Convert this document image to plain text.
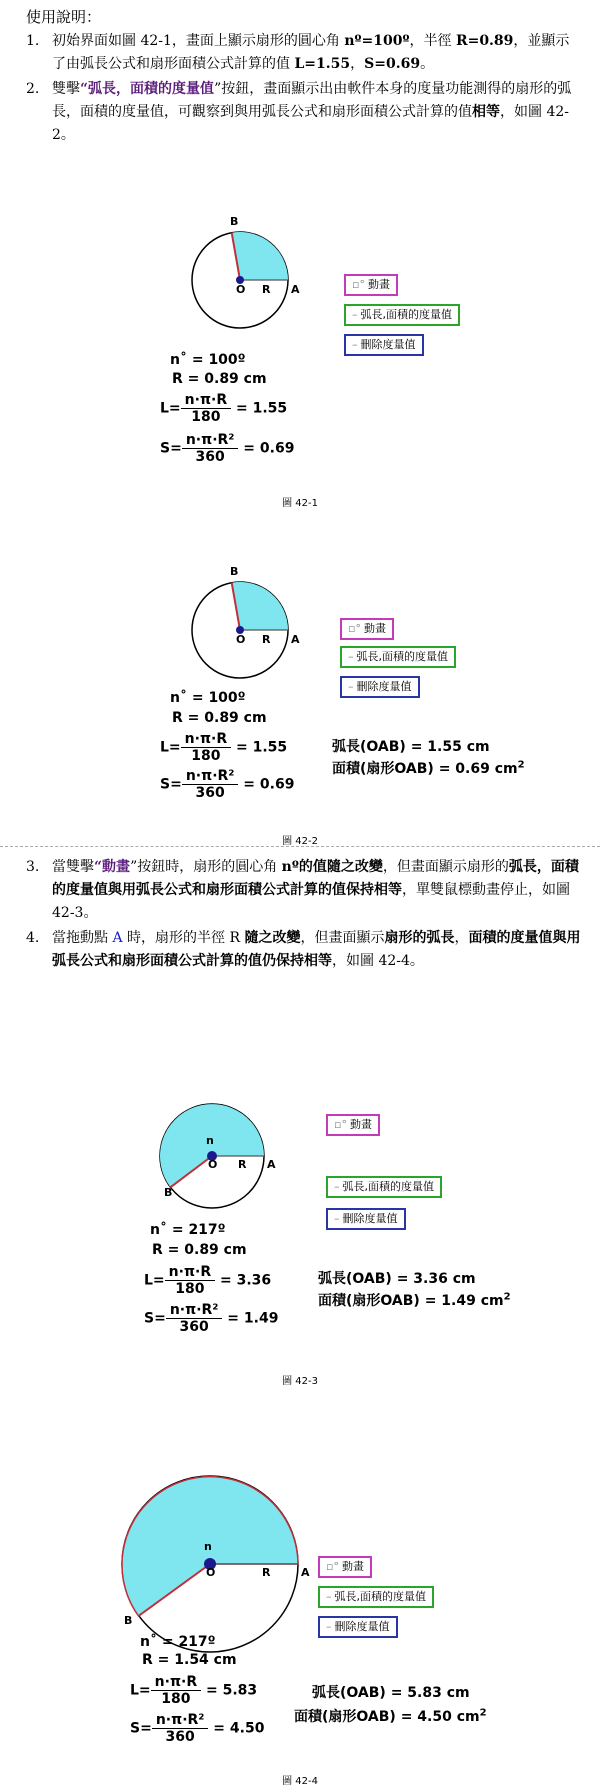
使用說明：
1. 初始界面如圖 42-1，畫面上顯示扇形的圓心角 nº=100º，半徑 R=0.89，並顯示了由弧長公式和扇形面積公式計算的值 L=1.55，S=0.69。
2. 雙擊“弧長，面積的度量值”按鈕，畫面顯示出由軟件本身的度量功能測得的扇形的弧長，面積的度量值，可觀察到與用弧長公式和扇形面積公式計算的值相等，如圖 42-2。
B
O R A	▫° 動畫
– 弧長,面積的度量值
– 刪除度量值
n˚ = 100º
R = 0.89 cm
$L= \frac{n\cdot\pi\cdot R}{180} = 1.55$
$S= \frac{\text{n·π·R²}}{360} = 0.69$
圖 42-1
B
O R A
▫° 動畫
– 弧長,面積的度量值
– 刪除度量值
n˚ = 100º
R = 0.89 cm
$L= \frac{n\cdot\pi\cdot R}{180} = 1.55$
$S= \frac{\text{n·π·R²}}{360} = 0.69$
弧長(OAB) = 1.55 cm
面積(扇形OAB) = 0.69 $cm^2$
圖 42-2
3. 當雙擊“動畫”按鈕時，扇形的圓心角 nº的值隨之改變，但畫面顯示扇形的弧長，面積的度量值與用弧長公式和扇形面積公式計算的值保持相等，單雙鼠標動畫停止，如圖 42-3。
4. 當拖動點 A 時，扇形的半徑 R 隨之改變，但畫面顯示扇形的弧長，面積的度量值與用弧長公式和扇形面積公式計算的值仍保持相等，如圖 42-4。
n
B
O R A
▫° 動畫
– 弧長,面積的度量值
– 刪除度量值
n˚ = 217º
R = 0.89 cm
$L= \frac{n\cdot\pi\cdot R}{180} = 3.36$
$S= \frac{\text{n·π·R²}}{360} = 1.49$
弧長(OAB) = 3.36 cm
面積(扇形OAB) = 1.49 $cm^2$
圖 42-3
n
B
O	R	A	▫° 動畫
– 弧長,面積的度量值
– 刪除度量值
n˚ = 217º
R = 1.54 cm
$L= \frac{n\cdot\pi\cdot R}{180} = 5.83$
$S= \frac{\text{n·π·R²}}{360} = 4.50$
弧長(OAB) = 5.83 cm
面積(扇形OAB) = 4.50 $cm^2$
圖 42-4
